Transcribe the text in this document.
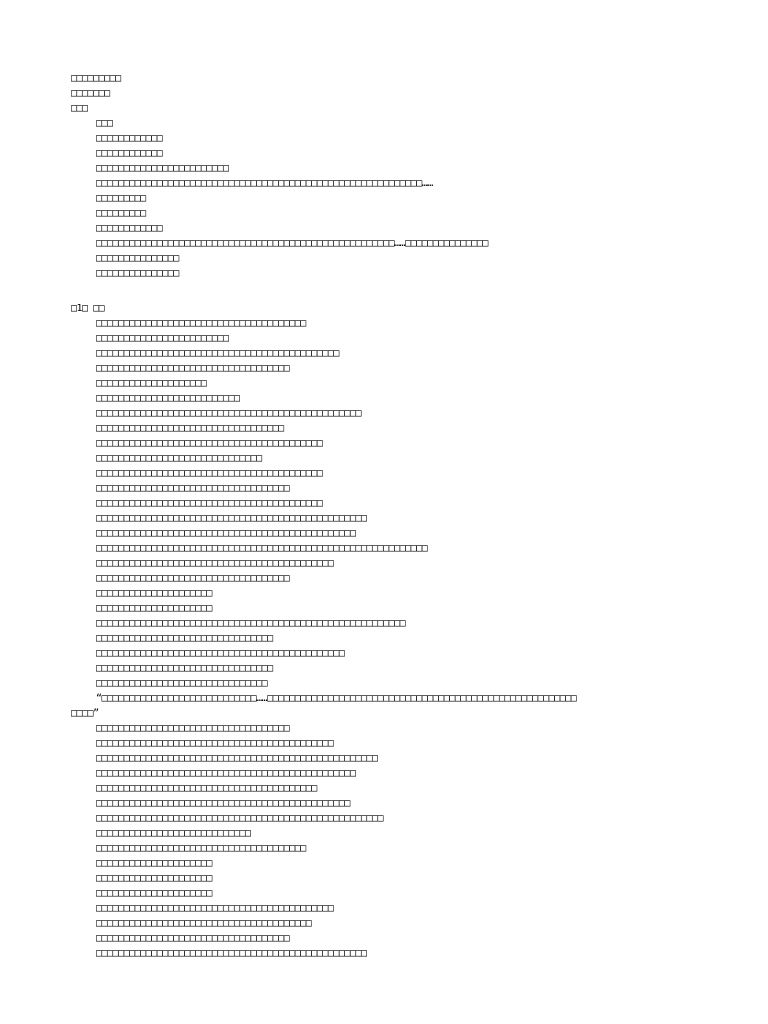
□□□□□□□□□
□□□□□□□
□□□
□□□
□□□□□□□□□□□□
□□□□□□□□□□□□
□□□□□□□□□□□□□□□□□□□□□□□□
□□□□□□□□□□□□□□□□□□□□□□□□□□□□□□□□□□□□□□□□□□□□□□□□□□□□□□□□□□□……
□□□□□□□□□
□□□□□□□□□
□□□□□□□□□□□□
□□□□□□□□□□□□□□□□□□□□□□□□□□□□□□□□□□□□□□□□□□□□□□□□□□□□□□……□□□□□□□□□□□□□□□
□□□□□□□□□□□□□□□
□□□□□□□□□□□□□□□
□1□ □□
□□□□□□□□□□□□□□□□□□□□□□□□□□□□□□□□□□□□□□
□□□□□□□□□□□□□□□□□□□□□□□□
□□□□□□□□□□□□□□□□□□□□□□□□□□□□□□□□□□□□□□□□□□□□
□□□□□□□□□□□□□□□□□□□□□□□□□□□□□□□□□□□
□□□□□□□□□□□□□□□□□□□□
□□□□□□□□□□□□□□□□□□□□□□□□□□
□□□□□□□□□□□□□□□□□□□□□□□□□□□□□□□□□□□□□□□□□□□□□□□□
□□□□□□□□□□□□□□□□□□□□□□□□□□□□□□□□□□
□□□□□□□□□□□□□□□□□□□□□□□□□□□□□□□□□□□□□□□□□
□□□□□□□□□□□□□□□□□□□□□□□□□□□□□□
□□□□□□□□□□□□□□□□□□□□□□□□□□□□□□□□□□□□□□□□□
□□□□□□□□□□□□□□□□□□□□□□□□□□□□□□□□□□□
□□□□□□□□□□□□□□□□□□□□□□□□□□□□□□□□□□□□□□□□□
□□□□□□□□□□□□□□□□□□□□□□□□□□□□□□□□□□□□□□□□□□□□□□□□□
□□□□□□□□□□□□□□□□□□□□□□□□□□□□□□□□□□□□□□□□□□□□□□□
□□□□□□□□□□□□□□□□□□□□□□□□□□□□□□□□□□□□□□□□□□□□□□□□□□□□□□□□□□□□
□□□□□□□□□□□□□□□□□□□□□□□□□□□□□□□□□□□□□□□□□□□
□□□□□□□□□□□□□□□□□□□□□□□□□□□□□□□□□□□
□□□□□□□□□□□□□□□□□□□□□
□□□□□□□□□□□□□□□□□□□□□
□□□□□□□□□□□□□□□□□□□□□□□□□□□□□□□□□□□□□□□□□□□□□□□□□□□□□□□□
□□□□□□□□□□□□□□□□□□□□□□□□□□□□□□□□
□□□□□□□□□□□□□□□□□□□□□□□□□□□□□□□□□□□□□□□□□□□□□
□□□□□□□□□□□□□□□□□□□□□□□□□□□□□□□□
□□□□□□□□□□□□□□□□□□□□□□□□□□□□□□□
“□□□□□□□□□□□□□□□□□□□□□□□□□□□□……□□□□□□□□□□□□□□□□□□□□□□□□□□□□□□□□□□□□□□□□□□□□□□□□□□□□□□□□
□□□□”
□□□□□□□□□□□□□□□□□□□□□□□□□□□□□□□□□□□
□□□□□□□□□□□□□□□□□□□□□□□□□□□□□□□□□□□□□□□□□□□
□□□□□□□□□□□□□□□□□□□□□□□□□□□□□□□□□□□□□□□□□□□□□□□□□□□
□□□□□□□□□□□□□□□□□□□□□□□□□□□□□□□□□□□□□□□□□□□□□□□
□□□□□□□□□□□□□□□□□□□□□□□□□□□□□□□□□□□□□□□□
□□□□□□□□□□□□□□□□□□□□□□□□□□□□□□□□□□□□□□□□□□□□□□
□□□□□□□□□□□□□□□□□□□□□□□□□□□□□□□□□□□□□□□□□□□□□□□□□□□□
□□□□□□□□□□□□□□□□□□□□□□□□□□□□
□□□□□□□□□□□□□□□□□□□□□□□□□□□□□□□□□□□□□□
□□□□□□□□□□□□□□□□□□□□□
□□□□□□□□□□□□□□□□□□□□□
□□□□□□□□□□□□□□□□□□□□□
□□□□□□□□□□□□□□□□□□□□□□□□□□□□□□□□□□□□□□□□□□□
□□□□□□□□□□□□□□□□□□□□□□□□□□□□□□□□□□□□□□□
□□□□□□□□□□□□□□□□□□□□□□□□□□□□□□□□□□□
□□□□□□□□□□□□□□□□□□□□□□□□□□□□□□□□□□□□□□□□□□□□□□□□□
